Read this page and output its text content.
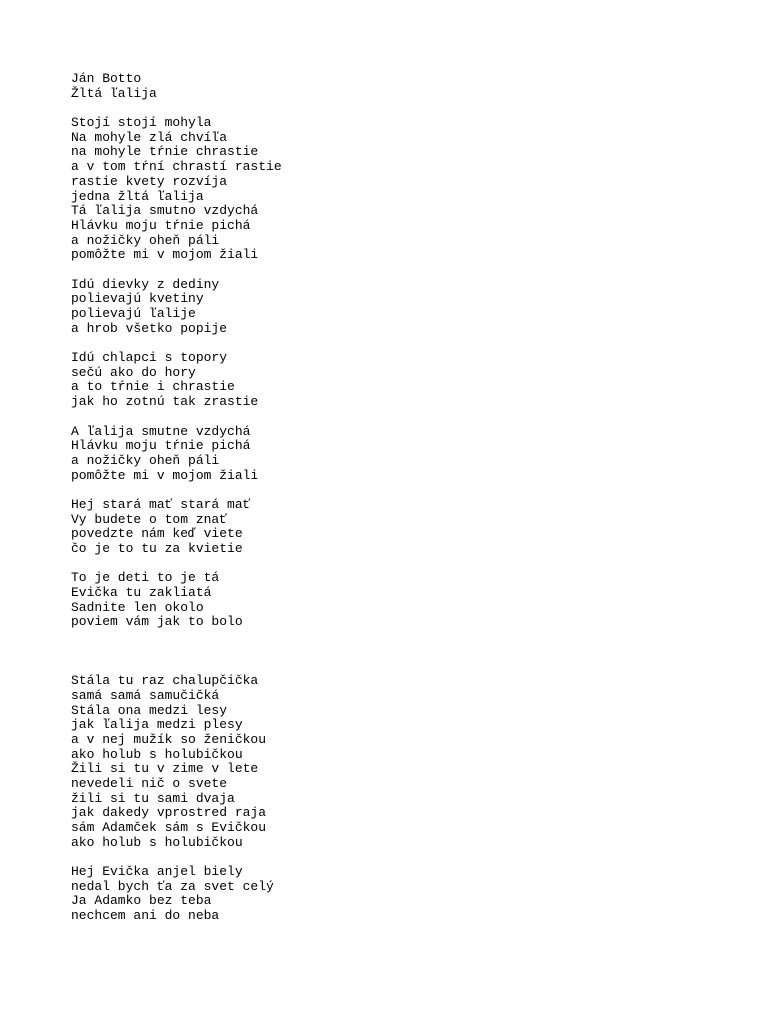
Ján Botto
Žltá ľalija
Stojí stojí mohyla
Na mohyle zlá chvíľa
na mohyle tŕnie chrastie
a v tom tŕní chrastí rastie
rastie kvety rozvíja
jedna žltá ľalija
Tá ľalija smutno vzdychá
Hlávku moju tŕnie pichá
a nožičky oheň páli
pomôžte mi v mojom žiali
Idú dievky z dediny
polievajú kvetiny
polievajú ľalije
a hrob všetko popije
Idú chlapci s topory
sečú ako do hory
a to tŕnie i chrastie
jak ho zotnú tak zrastie
A ľalija smutne vzdychá
Hlávku moju tŕnie pichá
a nožičky oheň páli
pomôžte mi v mojom žiali
Hej stará mať stará mať
Vy budete o tom znať
povedzte nám keď viete
čo je to tu za kvietie
To je deti to je tá
Evička tu zakliatá
Sadnite len okolo
poviem vám jak to bolo
Stála tu raz chalupčička
samá samá samučičká
Stála ona medzi lesy
jak ľalija medzi plesy
a v nej mužík so ženičkou
ako holub s holubičkou
Žili si tu v zime v lete
nevedeli nič o svete
žili si tu sami dvaja
jak dakedy vprostred raja
sám Adamček sám s Evičkou
ako holub s holubičkou
Hej Evička anjel biely
nedal bych ťa za svet celý
Ja Adamko bez teba
nechcem ani do neba
